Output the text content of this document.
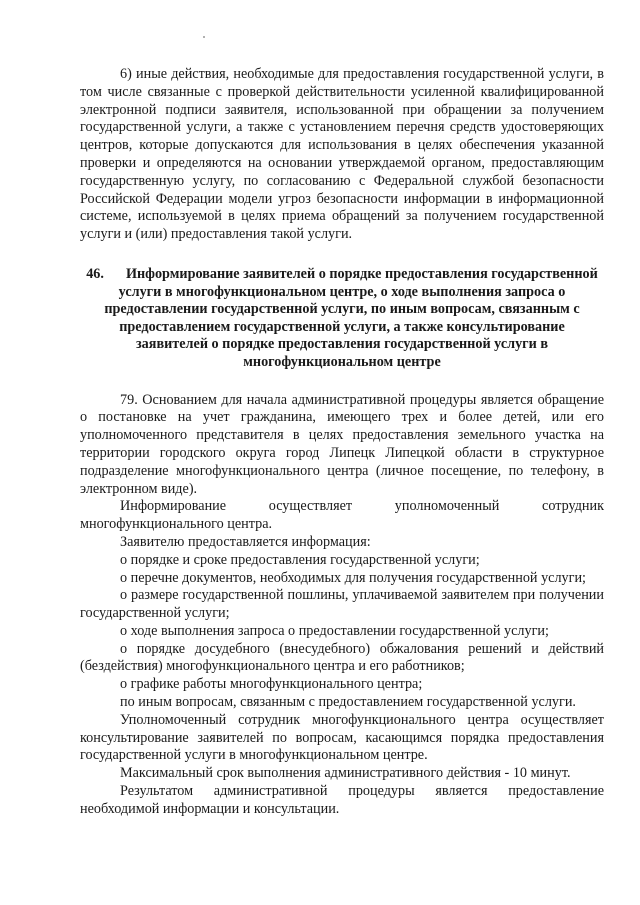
6) иные действия, необходимые для предоставления государственной услуги, в том числе связанные с проверкой действительности усиленной квалифицированной электронной подписи заявителя, использованной при обращении за получением государственной услуги, а также с установлением перечня средств удостоверяющих центров, которые допускаются для использования в целях обеспечения указанной проверки и определяются на основании утверждаемой органом, предоставляющим государственную услугу, по согласованию с Федеральной службой безопасности Российской Федерации модели угроз безопасности информации в информационной системе, используемой в целях приема обращений за получением государственной услуги и (или) предоставления такой услуги.

46. Информирование заявителей о порядке предоставления государственной услуги в многофункциональном центре, о ходе выполнения запроса о предоставлении государственной услуги, по иным вопросам, связанным с предоставлением государственной услуги, а также консультирование заявителей о порядке предоставления государственной услуги в многофункциональном центре

79. Основанием для начала административной процедуры является обращение о постановке на учет гражданина, имеющего трех и более детей, или его уполномоченного представителя в целях предоставления земельного участка на территории городского округа город Липецк Липецкой области в структурное подразделение многофункционального центра (личное посещение, по телефону, в электронном виде).

Информирование осуществляет уполномоченный сотрудник многофункционального центра.

Заявителю предоставляется информация:

о порядке и сроке предоставления государственной услуги;

о перечне документов, необходимых для получения государственной услуги;

о размере государственной пошлины, уплачиваемой заявителем при получении государственной услуги;

о ходе выполнения запроса о предоставлении государственной услуги;

о порядке досудебного (внесудебного) обжалования решений и действий (бездействия) многофункционального центра и его работников;

о графике работы многофункционального центра;

по иным вопросам, связанным с предоставлением государственной услуги.

Уполномоченный сотрудник многофункционального центра осуществляет консультирование заявителей по вопросам, касающимся порядка предоставления государственной услуги в многофункциональном центре.

Максимальный срок выполнения административного действия - 10 минут.

Результатом административной процедуры является предоставление необходимой информации и консультации.
